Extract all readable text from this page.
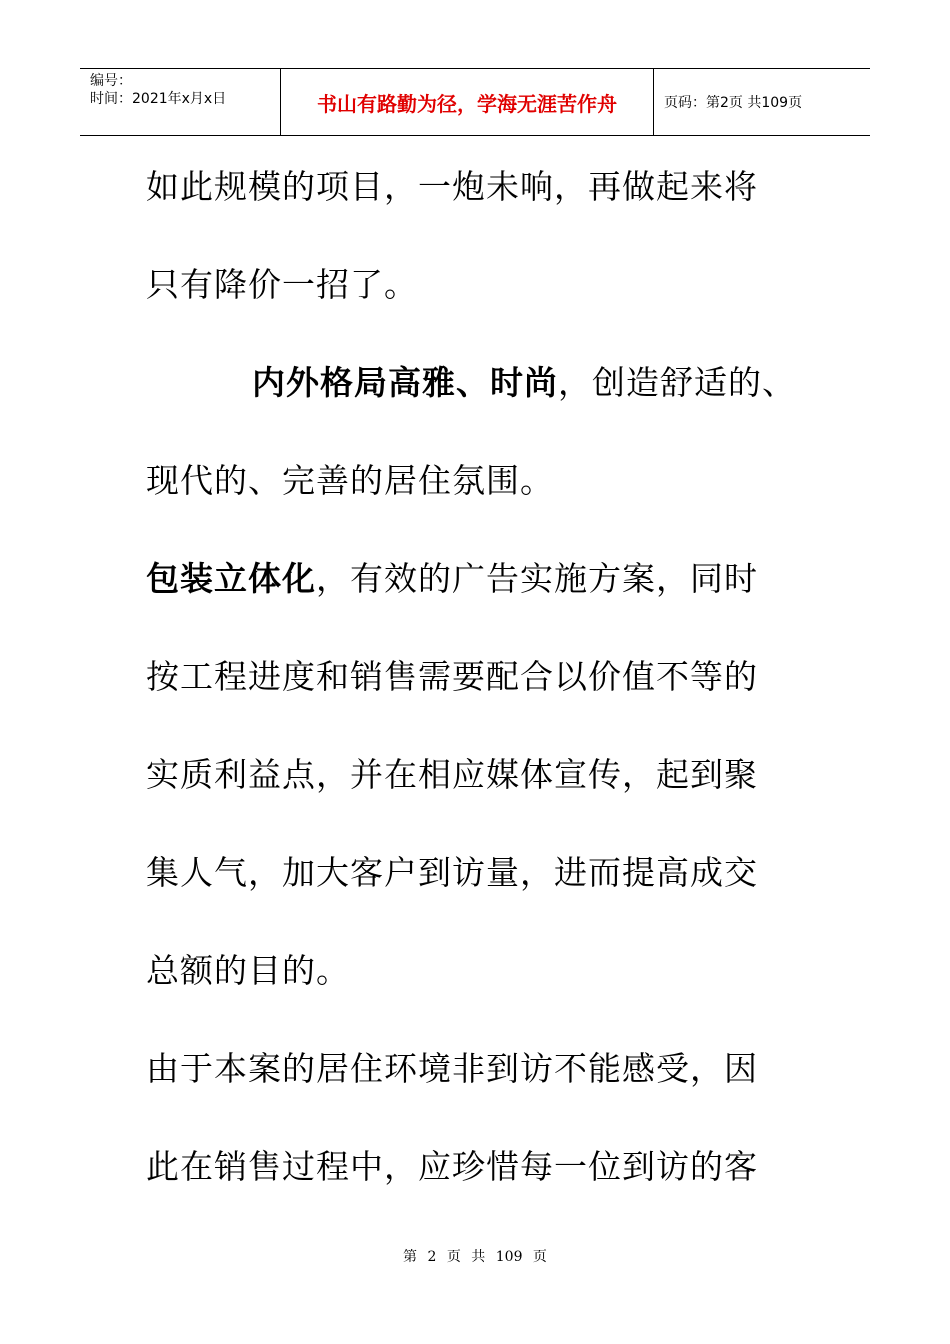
编号：
时间：2021年x月x日	书山有路勤为径，学海无涯苦作舟	页码：第2页 共109页
如此规模的项目，一炮未响，再做起来将
只有降价一招了。
内外格局高雅、时尚，创造舒适的、
现代的、完善的居住氛围。
包装立体化，有效的广告实施方案，同时
按工程进度和销售需要配合以价值不等的
实质利益点，并在相应媒体宣传，起到聚
集人气，加大客户到访量，进而提高成交
总额的目的。
由于本案的居住环境非到访不能感受，因
此在销售过程中，应珍惜每一位到访的客
第 2 页 共 109 页
